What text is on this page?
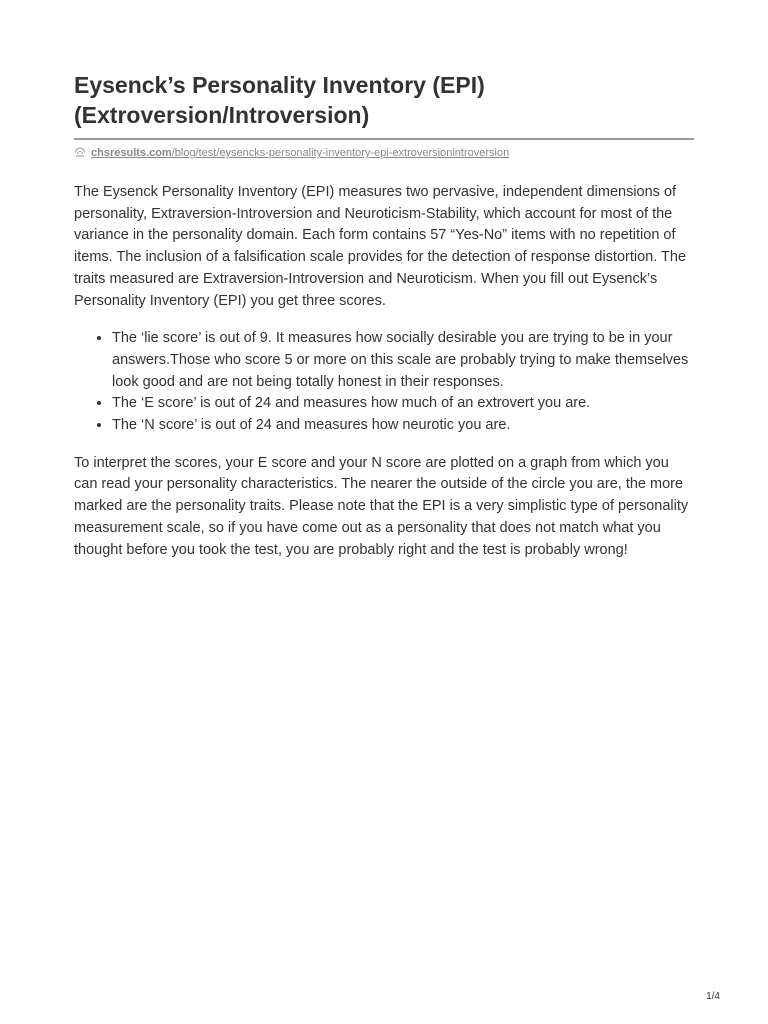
Eysenck’s Personality Inventory (EPI)
(Extroversion/Introversion)
chsresults.com/blog/test/eysencks-personality-inventory-epi-extroversionintroversion

The Eysenck Personality Inventory (EPI) measures two pervasive, independent dimensions of personality, Extraversion-Introversion and Neuroticism-Stability, which account for most of the variance in the personality domain. Each form contains 57 “Yes-No” items with no repetition of items. The inclusion of a falsification scale provides for the detection of response distortion. The traits measured are Extraversion-Introversion and Neuroticism. When you fill out Eysenck’s Personality Inventory (EPI) you get three scores.

• The ‘lie score’ is out of 9. It measures how socially desirable you are trying to be in your answers.Those who score 5 or more on this scale are probably trying to make themselves look good and are not being totally honest in their responses.
• The ‘E score’ is out of 24 and measures how much of an extrovert you are.
• The ‘N score’ is out of 24 and measures how neurotic you are.

To interpret the scores, your E score and your N score are plotted on a graph from which you can read your personality characteristics. The nearer the outside of the circle you are, the more marked are the personality traits. Please note that the EPI is a very simplistic type of personality measurement scale, so if you have come out as a personality that does not match what you thought before you took the test, you are probably right and the test is probably wrong!

1/4
